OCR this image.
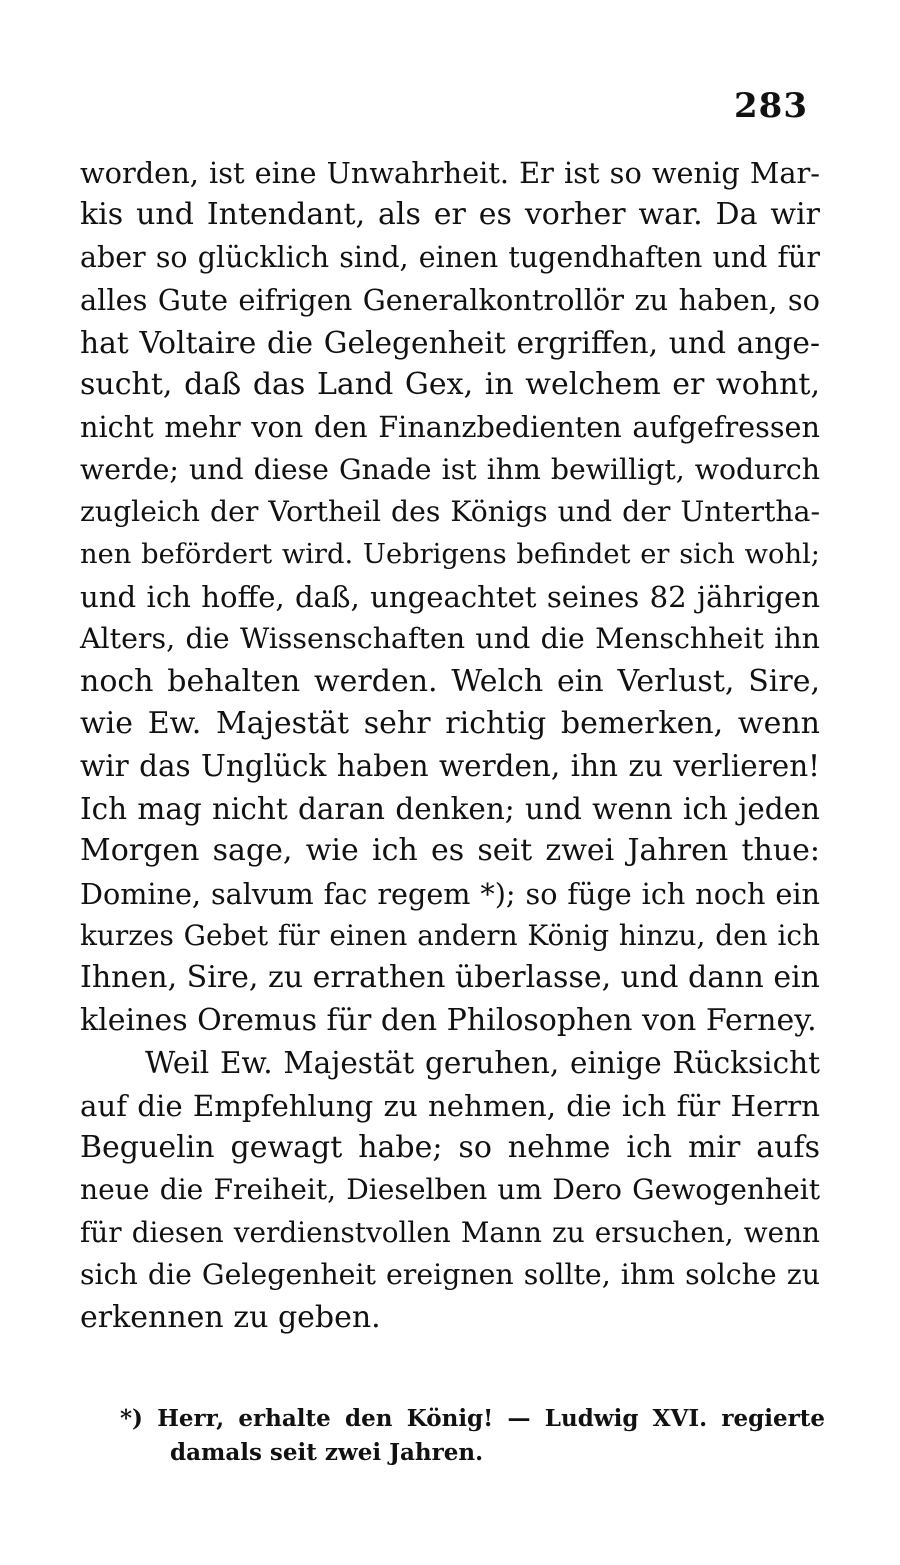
283
worden, ist eine Unwahrheit. Er ist so wenig Mar-
kis und Intendant, als er es vorher war. Da wir
aber so glücklich sind, einen tugendhaften und für
alles Gute eifrigen Generalkontrollör zu haben, so
hat Voltaire die Gelegenheit ergriffen, und ange-
sucht, daß das Land Gex, in welchem er wohnt,
nicht mehr von den Finanzbedienten aufgefressen
werde; und diese Gnade ist ihm bewilligt, wodurch
zugleich der Vortheil des Königs und der Untertha-
nen befördert wird. Uebrigens befindet er sich wohl;
und ich hoffe, daß, ungeachtet seines 82 jährigen
Alters, die Wissenschaften und die Menschheit ihn
noch behalten werden. Welch ein Verlust, Sire,
wie Ew. Majestät sehr richtig bemerken, wenn
wir das Unglück haben werden, ihn zu verlieren!
Ich mag nicht daran denken; und wenn ich jeden
Morgen sage, wie ich es seit zwei Jahren thue:
Domine, salvum fac regem *); so füge ich noch ein
kurzes Gebet für einen andern König hinzu, den ich
Ihnen, Sire, zu errathen überlasse, und dann ein
kleines Oremus für den Philosophen von Ferney.
Weil Ew. Majestät geruhen, einige Rücksicht
auf die Empfehlung zu nehmen, die ich für Herrn
Beguelin gewagt habe; so nehme ich mir aufs
neue die Freiheit, Dieselben um Dero Gewogenheit
für diesen verdienstvollen Mann zu ersuchen, wenn
sich die Gelegenheit ereignen sollte, ihm solche zu
erkennen zu geben.
*) Herr, erhalte den König! — Ludwig XVI. regierte
damals seit zwei Jahren.
